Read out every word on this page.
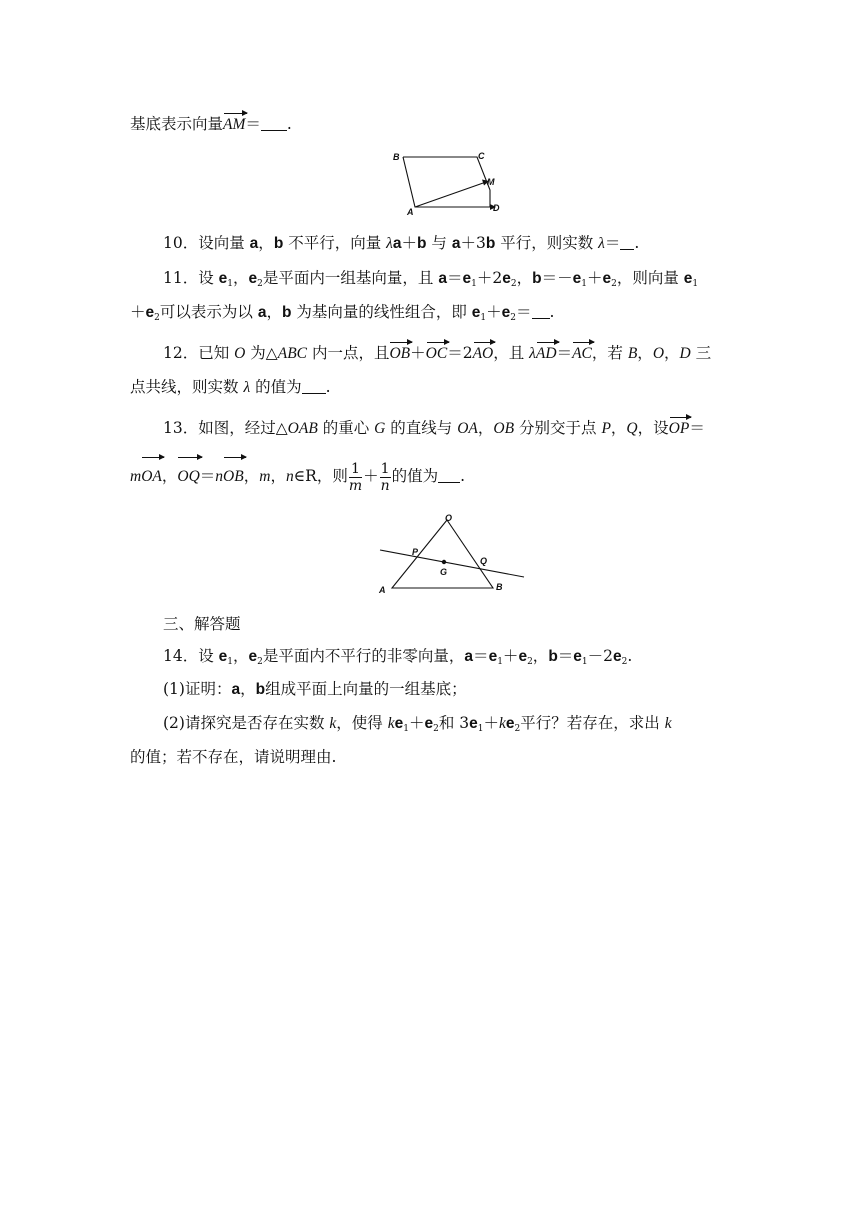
基底表示向量AM＝ .
B	C
M
A	D
10．设向量 a，b 不平行，向量 λa＋b 与 a＋3b 平行，则实数 λ＝ .
11．设 $e_1$，$e_2$是平面内一组基向量，且 $a=e_1+2e_2$，$b=-e_1+e_2$，则向量 $e_1$
$+e_2$可以表示为以 a，b 为基向量的线性组合，即 $e_1+e_2=$ .
12．已知 O 为△ABC 内一点，且OB＋OC＝2AO，且 λAD＝AC，若 B，O，D 三
点共线，则实数 λ 的值为 .
13．如图，经过△OAB 的重心 G 的直线与 OA，OB 分别交于点 P，Q，设OP＝
mOA，OQ＝nOB，m，n∈R，则 $\frac{1}{m} + \frac{1}{n}$ 的值为 .
O
P
Q
G
A	B
三、解答题
14．设 $e_1$，$e_2$是平面内不平行的非零向量，$a=e_1+e_2$，$b=e_1-2e_2$.
(1)证明：a，b组成平面上向量的一组基底；
(2)请探究是否存在实数 k，使得 $ke_1+e_2$和 $3e_1+ke_2$平行？若存在，求出 k
的值；若不存在，请说明理由.
